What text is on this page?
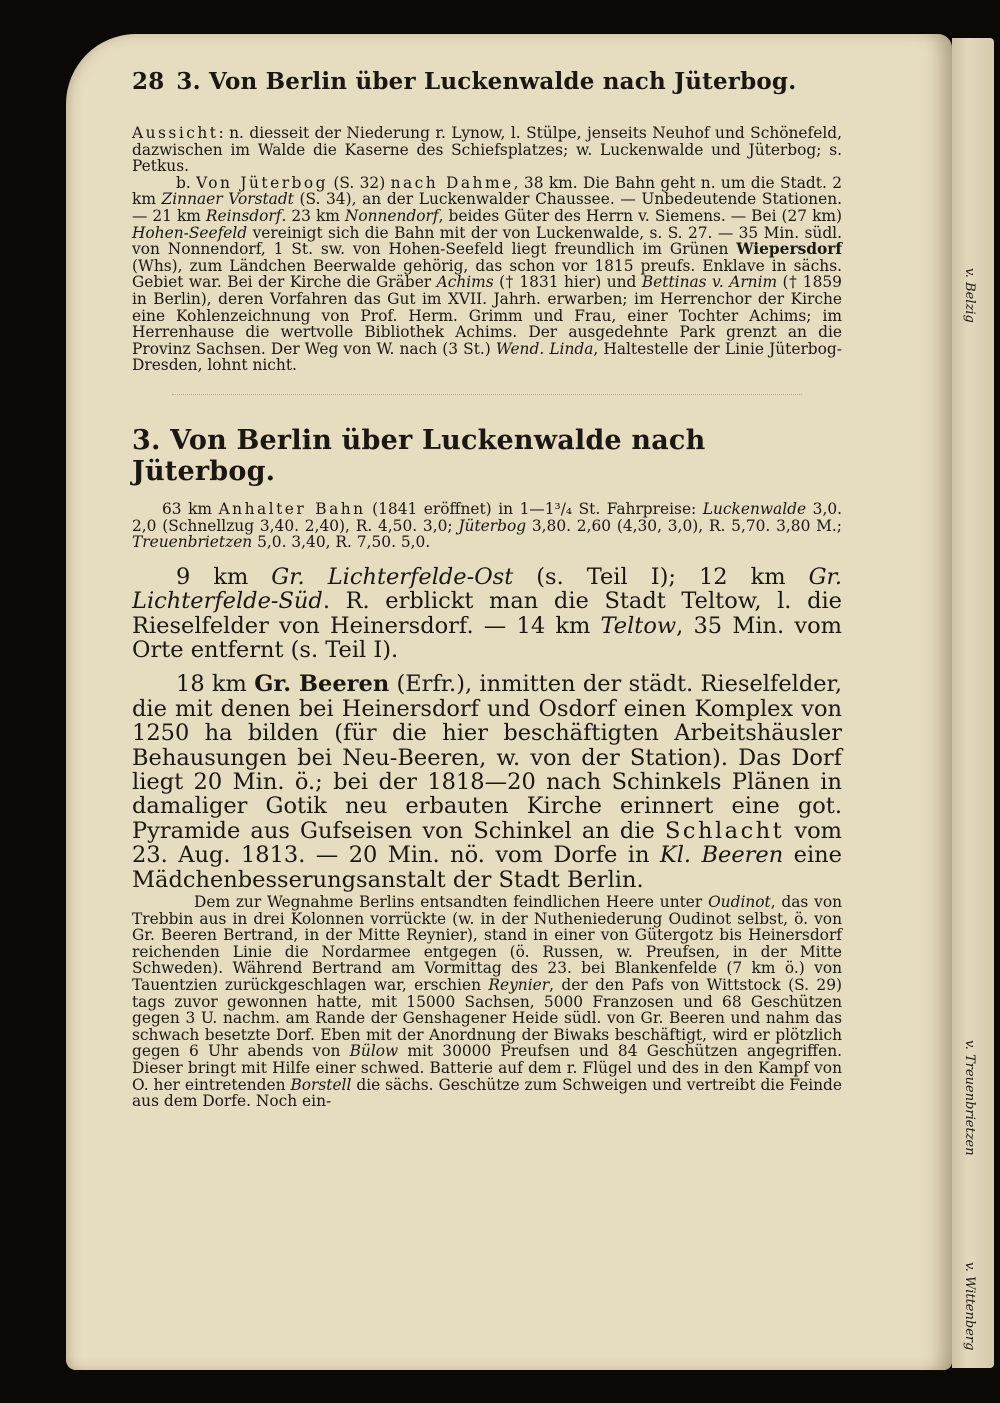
v. Belzig
v. Treuenbrietzen
v. Wittenberg
28 3. Von Berlin über Luckenwalde nach Jüterbog.

Aussicht: n. diesseit der Niederung r. Lynow, l. Stülpe, jenseits Neuhof und Schönefeld, dazwischen im Walde die Kaserne des Schiefsplatzes; w. Luckenwalde und Jüterbog; s. Petkus.

b. Von Jüterbog (S. 32) nach Dahme, 38 km. Die Bahn geht n. um die Stadt. 2 km Zinnaer Vorstadt (S. 34), an der Luckenwalder Chaussee. — Unbedeutende Stationen. — 21 km Reinsdorf. 23 km Nonnendorf, beides Güter des Herrn v. Siemens. — Bei (27 km) Hohen-Seefeld vereinigt sich die Bahn mit der von Luckenwalde, s. S. 27. — 35 Min. südl. von Nonnendorf, 1 St. sw. von Hohen-Seefeld liegt freundlich im Grünen Wiepersdorf (Whs), zum Ländchen Beerwalde gehörig, das schon vor 1815 preufs. Enklave in sächs. Gebiet war. Bei der Kirche die Gräber Achims († 1831 hier) und Bettinas v. Arnim († 1859 in Berlin), deren Vorfahren das Gut im XVII. Jahrh. erwarben; im Herrenchor der Kirche eine Kohlenzeichnung von Prof. Herm. Grimm und Frau, einer Tochter Achims; im Herrenhause die wertvolle Bibliothek Achims. Der ausgedehnte Park grenzt an die Provinz Sachsen. Der Weg von W. nach (3 St.) Wend. Linda, Haltestelle der Linie Jüterbog-Dresden, lohnt nicht.

3. Von Berlin über Luckenwalde nach Jüterbog.

63 km Anhalter Bahn (1841 eröffnet) in 1—1³/₄ St. Fahrpreise: Luckenwalde 3,0. 2,0 (Schnellzug 3,40. 2,40), R. 4,50. 3,0; Jüterbog 3,80. 2,60 (4,30, 3,0), R. 5,70. 3,80 M.; Treuenbrietzen 5,0. 3,40, R. 7,50. 5,0.

9 km Gr. Lichterfelde-Ost (s. Teil I); 12 km Gr. Lichterfelde-Süd. R. erblickt man die Stadt Teltow, l. die Rieselfelder von Heinersdorf. — 14 km Teltow, 35 Min. vom Orte entfernt (s. Teil I).

18 km Gr. Beeren (Erfr.), inmitten der städt. Rieselfelder, die mit denen bei Heinersdorf und Osdorf einen Komplex von 1250 ha bilden (für die hier beschäftigten Arbeitshäusler Behausungen bei Neu-Beeren, w. von der Station). Das Dorf liegt 20 Min. ö.; bei der 1818—20 nach Schinkels Plänen in damaliger Gotik neu erbauten Kirche erinnert eine got. Pyramide aus Gufseisen von Schinkel an die Schlacht vom 23. Aug. 1813. — 20 Min. nö. vom Dorfe in Kl. Beeren eine Mädchenbesserungsanstalt der Stadt Berlin.

Dem zur Wegnahme Berlins entsandten feindlichen Heere unter Oudinot, das von Trebbin aus in drei Kolonnen vorrückte (w. in der Nutheniederung Oudinot selbst, ö. von Gr. Beeren Bertrand, in der Mitte Reynier), stand in einer von Gütergotz bis Heinersdorf reichenden Linie die Nordarmee entgegen (ö. Russen, w. Preufsen, in der Mitte Schweden). Während Bertrand am Vormittag des 23. bei Blankenfelde (7 km ö.) von Tauentzien zurückgeschlagen war, erschien Reynier, der den Pafs von Wittstock (S. 29) tags zuvor gewonnen hatte, mit 15000 Sachsen, 5000 Franzosen und 68 Geschützen gegen 3 U. nachm. am Rande der Genshagener Heide südl. von Gr. Beeren und nahm das schwach besetzte Dorf. Eben mit der Anordnung der Biwaks beschäftigt, wird er plötzlich gegen 6 Uhr abends von Bülow mit 30000 Preufsen und 84 Geschützen angegriffen. Dieser bringt mit Hilfe einer schwed. Batterie auf dem r. Flügel und des in den Kampf von O. her eintretenden Borstell die sächs. Geschütze zum Schweigen und vertreibt die Feinde aus dem Dorfe. Noch ein-
